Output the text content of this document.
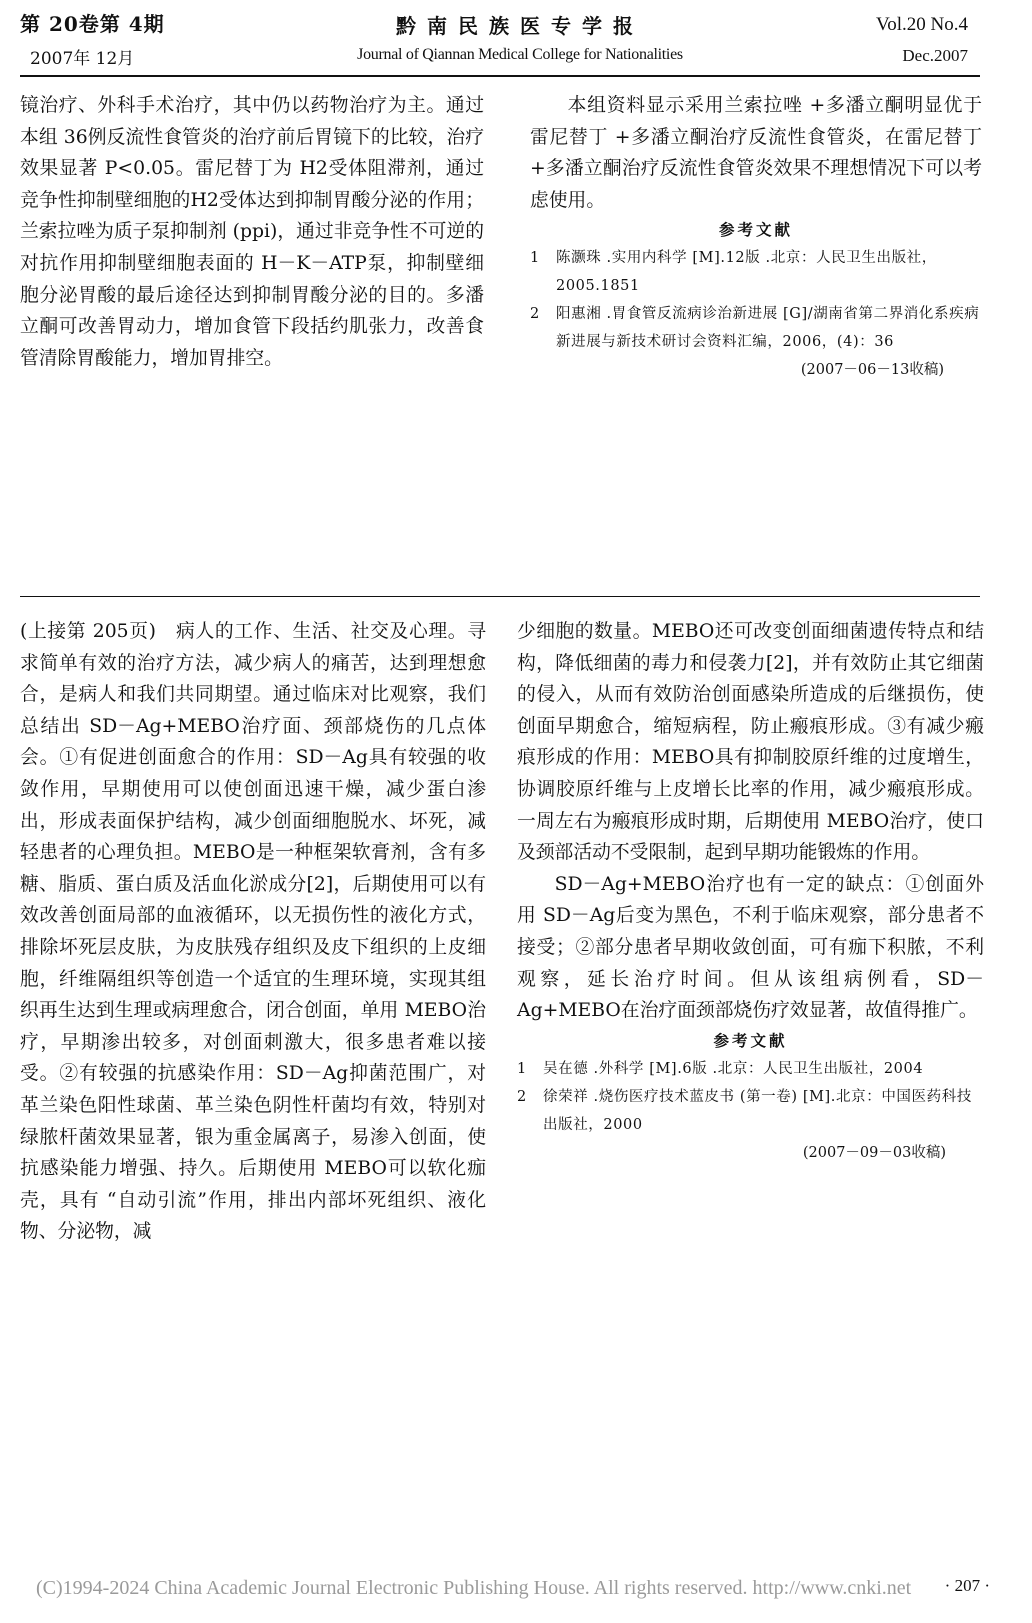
第 20卷第 4期
2007年 12月
黔南民族医专学报
Journal of Qiannan Medical College for Nationalities
Vol.20 No.4
Dec.2007

镜治疗、外科手术治疗，其中仍以药物治疗为主。通过本组 36例反流性食管炎的治疗前后胃镜下的比较，治疗效果显著 P<0.05。雷尼替丁为 H2受体阻滞剂，通过竞争性抑制壁细胞的H2受体达到抑制胃酸分泌的作用；兰索拉唑为质子泵抑制剂 (ppi)，通过非竞争性不可逆的对抗作用抑制壁细胞表面的 H－K－ATP泵，抑制壁细胞分泌胃酸的最后途径达到抑制胃酸分泌的目的。多潘立酮可改善胃动力，增加食管下段括约肌张力，改善食管清除胃酸能力，增加胃排空。

本组资料显示采用兰索拉唑 +多潘立酮明显优于雷尼替丁 +多潘立酮治疗反流性食管炎，在雷尼替丁 +多潘立酮治疗反流性食管炎效果不理想情况下可以考虑使用。

参考文献
1	陈灏珠 .实用内科学 [M].12版 .北京：人民卫生出版社， 2005.1851
2	阳惠湘 .胃食管反流病诊治新进展 [G]/湖南省第二界消化系疾病新进展与新技术研讨会资料汇编，2006，(4)：36
(2007－06－13收稿)

(上接第 205页)　病人的工作、生活、社交及心理。寻求简单有效的治疗方法，减少病人的痛苦，达到理想愈合，是病人和我们共同期望。通过临床对比观察，我们总结出 SD－Ag+MEBO治疗面、颈部烧伤的几点体会。①有促进创面愈合的作用：SD－Ag具有较强的收敛作用，早期使用可以使创面迅速干燥，减少蛋白渗出，形成表面保护结构，减少创面细胞脱水、坏死，减轻患者的心理负担。MEBO是一种框架软膏剂，含有多糖、脂质、蛋白质及活血化淤成分[2]，后期使用可以有效改善创面局部的血液循环，以无损伤性的液化方式，排除坏死层皮肤，为皮肤残存组织及皮下组织的上皮细胞，纤维隔组织等创造一个适宜的生理环境，实现其组织再生达到生理或病理愈合，闭合创面，单用 MEBO治疗，早期渗出较多，对创面刺激大，很多患者难以接受。②有较强的抗感染作用：SD－Ag抑菌范围广，对革兰染色阳性球菌、革兰染色阴性杆菌均有效，特别对绿脓杆菌效果显著，银为重金属离子，易渗入创面，使抗感染能力增强、持久。后期使用 MEBO可以软化痂壳，具有 “自动引流”作用，排出内部坏死组织、液化物、分泌物，减

少细胞的数量。MEBO还可改变创面细菌遗传特点和结构，降低细菌的毒力和侵袭力[2]，并有效防止其它细菌的侵入，从而有效防治创面感染所造成的后继损伤，使创面早期愈合，缩短病程，防止瘢痕形成。③有减少瘢痕形成的作用：MEBO具有抑制胶原纤维的过度增生，协调胶原纤维与上皮增长比率的作用，减少瘢痕形成。一周左右为瘢痕形成时期，后期使用 MEBO治疗，使口及颈部活动不受限制，起到早期功能锻炼的作用。

SD－Ag+MEBO治疗也有一定的缺点：①创面外用 SD－Ag后变为黑色，不利于临床观察，部分患者不接受；②部分患者早期收敛创面，可有痂下积脓，不利观察，延长治疗时间。但从该组病例看，SD－Ag+MEBO在治疗面颈部烧伤疗效显著，故值得推广。

参考文献
1	吴在德 .外科学 [M].6版 .北京：人民卫生出版社，2004
2	徐荣祥 .烧伤医疗技术蓝皮书 (第一卷) [M].北京：中国医药科技出版社，2000
(2007－09－03收稿)
· 207 ·
(C)1994-2024 China Academic Journal Electronic Publishing House. All rights reserved. http://www.cnki.net
